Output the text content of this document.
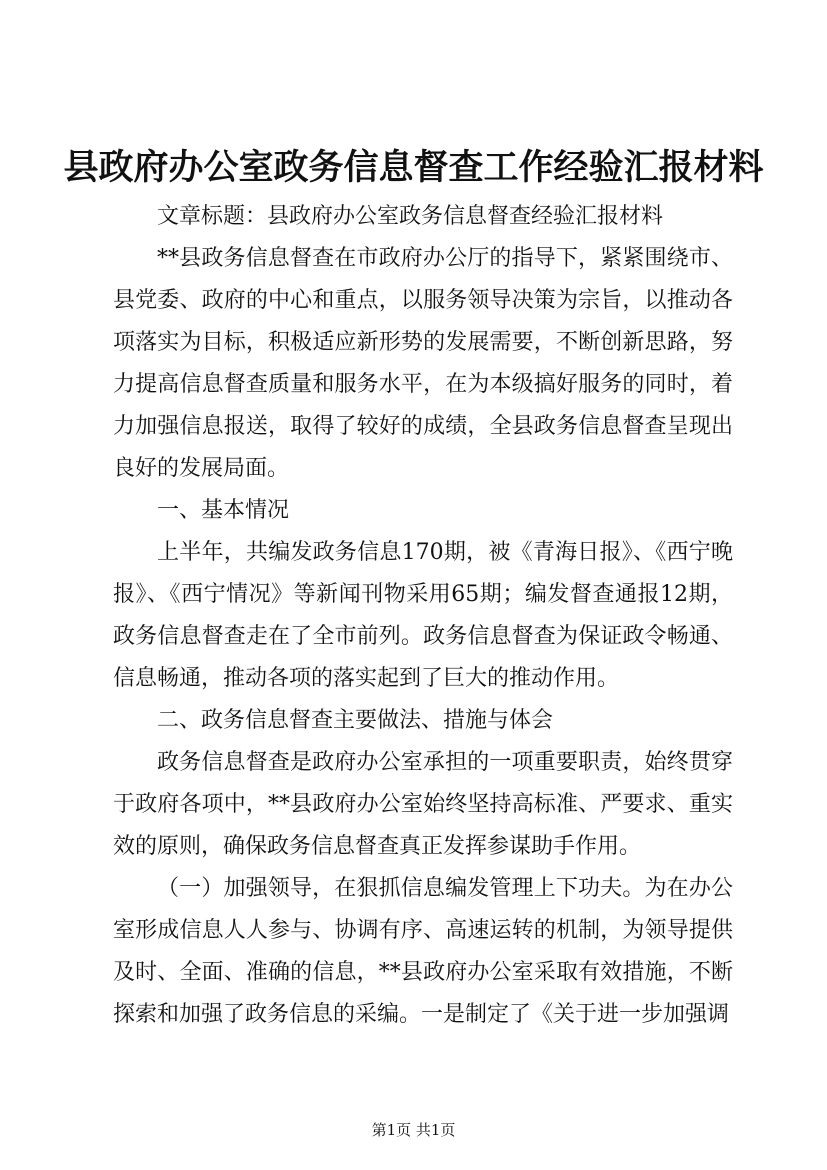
县政府办公室政务信息督查工作经验汇报材料

文章标题：县政府办公室政务信息督查经验汇报材料

**县政务信息督查在市政府办公厅的指导下，紧紧围绕市、县党委、政府的中心和重点，以服务领导决策为宗旨，以推动各项落实为目标，积极适应新形势的发展需要，不断创新思路，努力提高信息督查质量和服务水平，在为本级搞好服务的同时，着力加强信息报送，取得了较好的成绩，全县政务信息督查呈现出良好的发展局面。

一、基本情况

上半年，共编发政务信息170期，被《青海日报》、《西宁晚报》、《西宁情况》等新闻刊物采用65期；编发督查通报12期，政务信息督查走在了全市前列。政务信息督查为保证政令畅通、信息畅通，推动各项的落实起到了巨大的推动作用。

二、政务信息督查主要做法、措施与体会

政务信息督查是政府办公室承担的一项重要职责，始终贯穿于政府各项中，**县政府办公室始终坚持高标准、严要求、重实效的原则，确保政务信息督查真正发挥参谋助手作用。

（一）加强领导，在狠抓信息编发管理上下功夫。为在办公室形成信息人人参与、协调有序、高速运转的机制，为领导提供及时、全面、准确的信息，**县政府办公室采取有效措施，不断探索和加强了政务信息的采编。一是制定了《关于进一步加强调

第1页 共1页
